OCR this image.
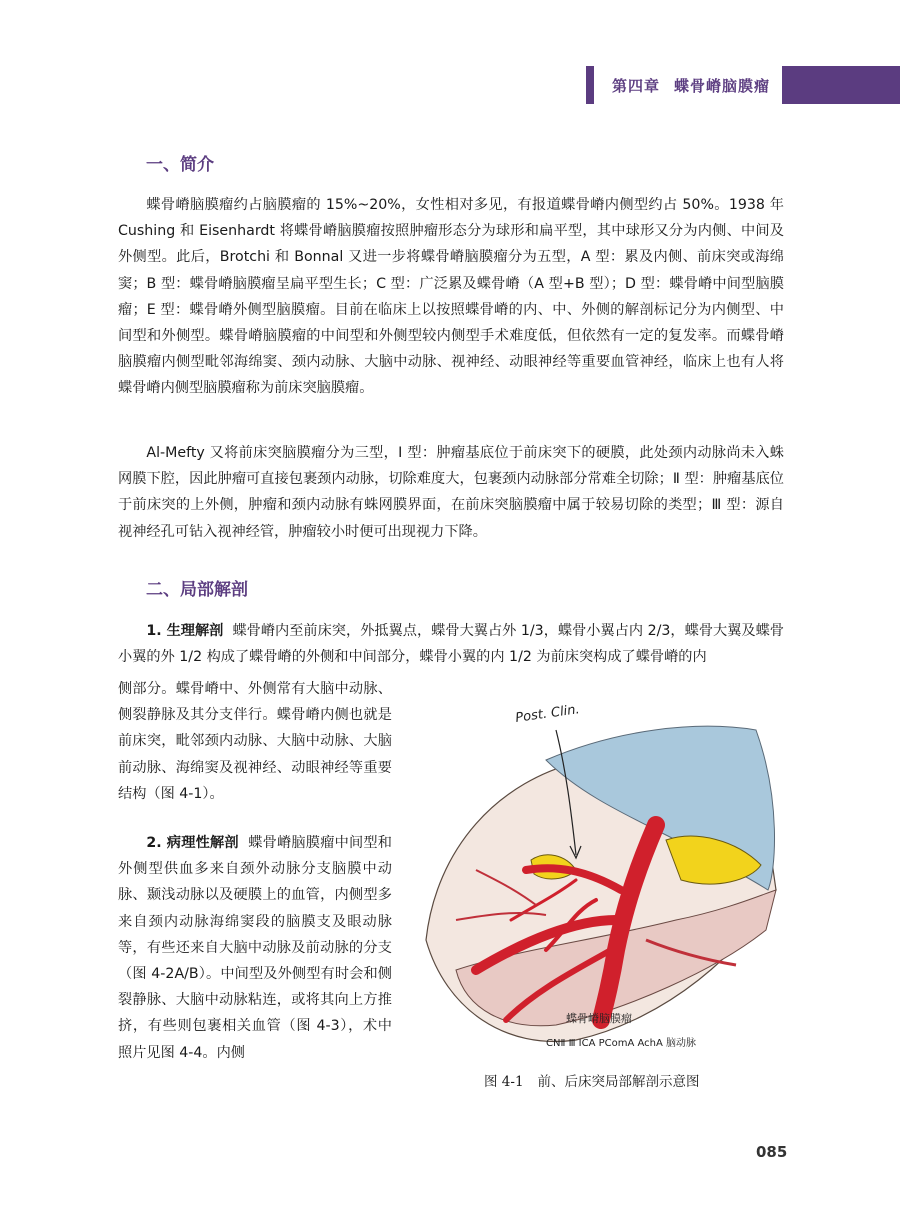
第四章 蝶骨嵴脑膜瘤
一、简介

蝶骨嵴脑膜瘤约占脑膜瘤的 15%~20%，女性相对多见，有报道蝶骨嵴内侧型约占 50%。1938 年 Cushing 和 Eisenhardt 将蝶骨嵴脑膜瘤按照肿瘤形态分为球形和扁平型，其中球形又分为内侧、中间及外侧型。此后，Brotchi 和 Bonnal 又进一步将蝶骨嵴脑膜瘤分为五型，A 型：累及内侧、前床突或海绵窦；B 型：蝶骨嵴脑膜瘤呈扁平型生长；C 型：广泛累及蝶骨嵴（A 型+B 型）；D 型：蝶骨嵴中间型脑膜瘤；E 型：蝶骨嵴外侧型脑膜瘤。目前在临床上以按照蝶骨嵴的内、中、外侧的解剖标记分为内侧型、中间型和外侧型。蝶骨嵴脑膜瘤的中间型和外侧型较内侧型手术难度低，但依然有一定的复发率。而蝶骨嵴脑膜瘤内侧型毗邻海绵窦、颈内动脉、大脑中动脉、视神经、动眼神经等重要血管神经，临床上也有人将蝶骨嵴内侧型脑膜瘤称为前床突脑膜瘤。

Al-Mefty 又将前床突脑膜瘤分为三型，Ⅰ 型：肿瘤基底位于前床突下的硬膜，此处颈内动脉尚未入蛛网膜下腔，因此肿瘤可直接包裹颈内动脉，切除难度大，包裹颈内动脉部分常难全切除；Ⅱ 型：肿瘤基底位于前床突的上外侧，肿瘤和颈内动脉有蛛网膜界面，在前床突脑膜瘤中属于较易切除的类型；Ⅲ 型：源自视神经孔可钻入视神经管，肿瘤较小时便可出现视力下降。

二、局部解剖

1. 生理解剖 蝶骨嵴内至前床突，外抵翼点，蝶骨大翼占外 1/3，蝶骨小翼占内 2/3，蝶骨大翼及蝶骨小翼的外 1/2 构成了蝶骨嵴的外侧和中间部分，蝶骨小翼的内 1/2 为前床突构成了蝶骨嵴的内

侧部分。蝶骨嵴中、外侧常有大脑中动脉、侧裂静脉及其分支伴行。蝶骨嵴内侧也就是前床突，毗邻颈内动脉、大脑中动脉、大脑前动脉、海绵窦及视神经、动眼神经等重要结构（图 4-1）。

2. 病理性解剖 蝶骨嵴脑膜瘤中间型和外侧型供血多来自颈外动脉分支脑膜中动脉、颞浅动脉以及硬膜上的血管，内侧型多来自颈内动脉海绵窦段的脑膜支及眼动脉等，有些还来自大脑中动脉及前动脉的分支（图 4-2A/B）。中间型及外侧型有时会和侧裂静脉、大脑中动脉粘连，或将其向上方推挤，有些则包裹相关血管（图 4-3），术中照片见图 4-4。内侧

Post. Clin.
蝶骨嵴脑膜瘤
CNⅡ Ⅲ ICA PComA AchA 脑动脉
图 4-1 前、后床突局部解剖示意图
085
